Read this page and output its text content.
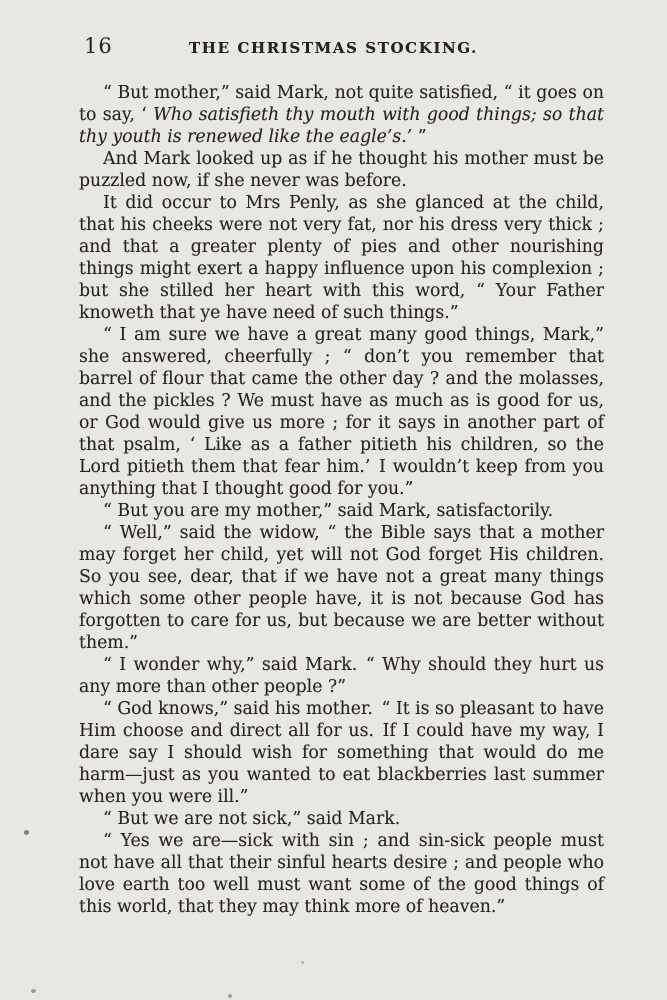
16	THE CHRISTMAS STOCKING.

“ But mother,” said Mark, not quite satisfied, “ it goes on to say, ‘ Who satisfieth thy mouth with good things; so that thy youth is renewed like the eagle’s.’ ”

And Mark looked up as if he thought his mother must be puzzled now, if she never was before.

It did occur to Mrs Penly, as she glanced at the child, that his cheeks were not very fat, nor his dress very thick ; and that a greater plenty of pies and other nourishing things might exert a happy influence upon his complexion ; but she stilled her heart with this word, “ Your Father knoweth that ye have need of such things.”

“ I am sure we have a great many good things, Mark,” she answered, cheerfully ; “ don’t you remember that barrel of flour that came the other day ? and the molasses, and the pickles ? We must have as much as is good for us, or God would give us more ; for it says in another part of that psalm, ‘ Like as a father pitieth his children, so the Lord pitieth them that fear him.’ I wouldn’t keep from you anything that I thought good for you.”

“ But you are my mother,” said Mark, satisfactorily.

“ Well,” said the widow, “ the Bible says that a mother may forget her child, yet will not God forget His children. So you see, dear, that if we have not a great many things which some other people have, it is not because God has forgotten to care for us, but because we are better without them.”

“ I wonder why,” said Mark. “ Why should they hurt us any more than other people ?”

“ God knows,” said his mother. “ It is so pleasant to have Him choose and direct all for us. If I could have my way, I dare say I should wish for something that would do me harm—just as you wanted to eat blackberries last summer when you were ill.”

“ But we are not sick,” said Mark.

“ Yes we are—sick with sin ; and sin-sick people must not have all that their sinful hearts desire ; and people who love earth too well must want some of the good things of this world, that they may think more of heaven.”
